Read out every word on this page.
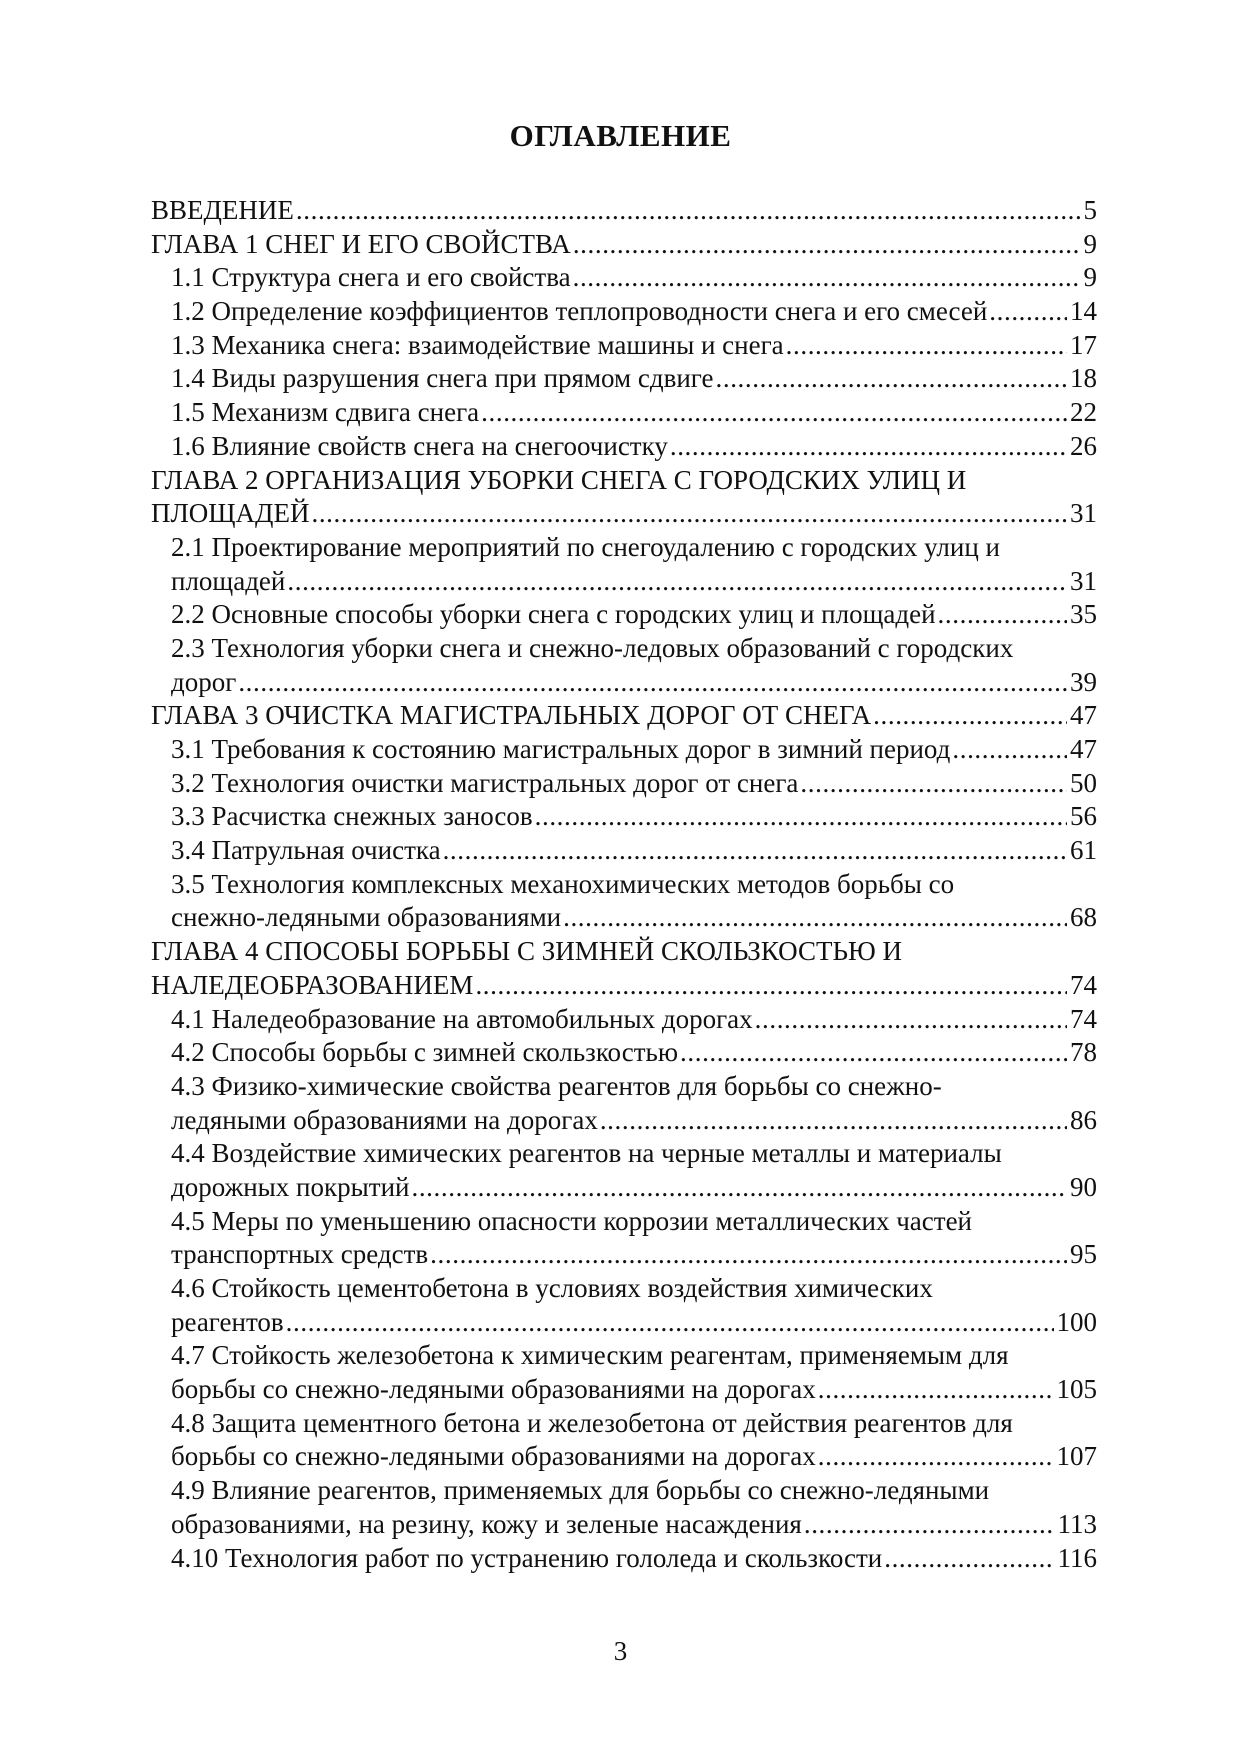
ОГЛАВЛЕНИЕ
ВВЕДЕНИЕ .....	5
ГЛАВА 1 СНЕГ И ЕГО СВОЙСТВА .....	9
1.1 Структура снега и его свойства .....	9
1.2 Определение коэффициентов теплопроводности снега и его смесей .....	14
1.3 Механика снега: взаимодействие машины и снега .....	17
1.4 Виды разрушения снега при прямом сдвиге .....	18
1.5 Механизм сдвига снега .....	22
1.6 Влияние свойств снега на снегоочистку .....	26
ГЛАВА 2 ОРГАНИЗАЦИЯ УБОРКИ СНЕГА С ГОРОДСКИХ УЛИЦ И
ПЛОЩАДЕЙ .....	31
2.1 Проектирование мероприятий по снегоудалению с городских улиц и
площадей .....	31
2.2 Основные способы уборки снега с городских улиц и площадей .....	35
2.3 Технология уборки снега и снежно-ледовых образований с городских
дорог .....	39
ГЛАВА 3 ОЧИСТКА МАГИСТРАЛЬНЫХ ДОРОГ ОТ СНЕГА .....	47
3.1 Требования к состоянию магистральных дорог в зимний период .....	47
3.2 Технология очистки магистральных дорог от снега .....	50
3.3 Расчистка снежных заносов .....	56
3.4 Патрульная очистка .....	61
3.5 Технология комплексных механохимических методов борьбы со
снежно-ледяными образованиями .....	68
ГЛАВА 4 СПОСОБЫ БОРЬБЫ С ЗИМНЕЙ СКОЛЬЗКОСТЬЮ И
НАЛЕДЕОБРАЗОВАНИЕМ .....	74
4.1 Наледеобразование на автомобильных дорогах .....	74
4.2 Способы борьбы с зимней скользкостью .....	78
4.3 Физико-химические свойства реагентов для борьбы со снежно-
ледяными образованиями на дорогах .....	86
4.4 Воздействие химических реагентов на черные металлы и материалы
дорожных покрытий .....	90
4.5 Меры по уменьшению опасности коррозии металлических частей
транспортных средств .....	95
4.6 Стойкость цементобетона в условиях воздействия химических
реагентов .....	100
4.7 Стойкость железобетона к химическим реагентам, применяемым для
борьбы со снежно-ледяными образованиями на дорогах .....	105
4.8 Защита цементного бетона и железобетона от действия реагентов для
борьбы со снежно-ледяными образованиями на дорогах .....	107
4.9 Влияние реагентов, применяемых для борьбы со снежно-ледяными
образованиями, на резину, кожу и зеленые насаждения .....	113
4.10 Технология работ по устранению гололеда и скользкости .....	116
3
